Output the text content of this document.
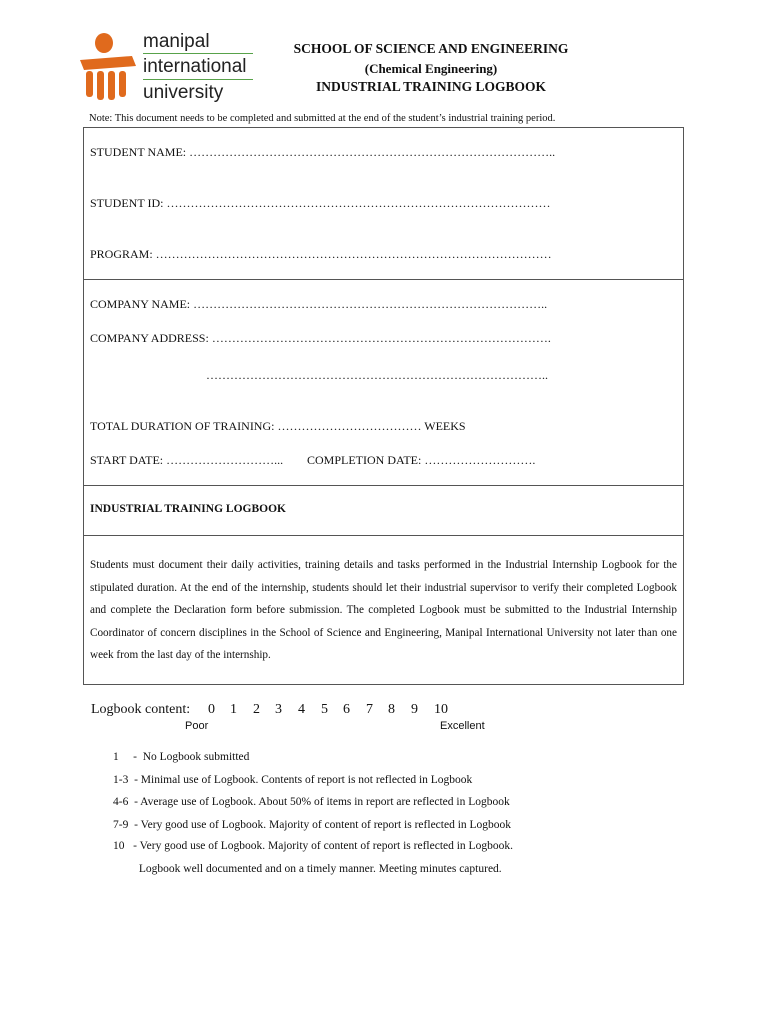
manipal
international
university
SCHOOL OF SCIENCE AND ENGINEERING
(Chemical Engineering)
INDUSTRIAL TRAINING LOGBOOK
Note: This document needs to be completed and submitted at the end of the student’s industrial training period.
STUDENT NAME: ………………………………………………………………………………..
STUDENT ID: ……………………………………………………………………………………
PROGRAM: ………………………………………………………………………………………
COMPANY NAME: ……………………………………………………………………………..
COMPANY ADDRESS: ………………………………………………………………………….
…………………………………………………………………………..
TOTAL DURATION OF TRAINING: ……………………………… WEEKS
START DATE: ………………………... COMPLETION DATE: ……………………….
INDUSTRIAL TRAINING LOGBOOK
Students must document their daily activities, training details and tasks performed in the Industrial Internship Logbook for the stipulated duration. At the end of the internship, students should let their industrial supervisor to verify their completed Logbook and complete the Declaration form before submission. The completed Logbook must be submitted to the Industrial Internship Coordinator of concern disciplines in the School of Science and Engineering, Manipal International University not later than one week from the last day of the internship.
Logbook content: 0 1 2 3 4 5 6 7 8 9 10
Poor	Excellent
1     -  No Logbook submitted
1-3  - Minimal use of Logbook. Contents of report is not reflected in Logbook
4-6  - Average use of Logbook. About 50% of items in report are reflected in Logbook
7-9  - Very good use of Logbook. Majority of content of report is reflected in Logbook
10   - Very good use of Logbook. Majority of content of report is reflected in Logbook.
Logbook well documented and on a timely manner. Meeting minutes captured.
